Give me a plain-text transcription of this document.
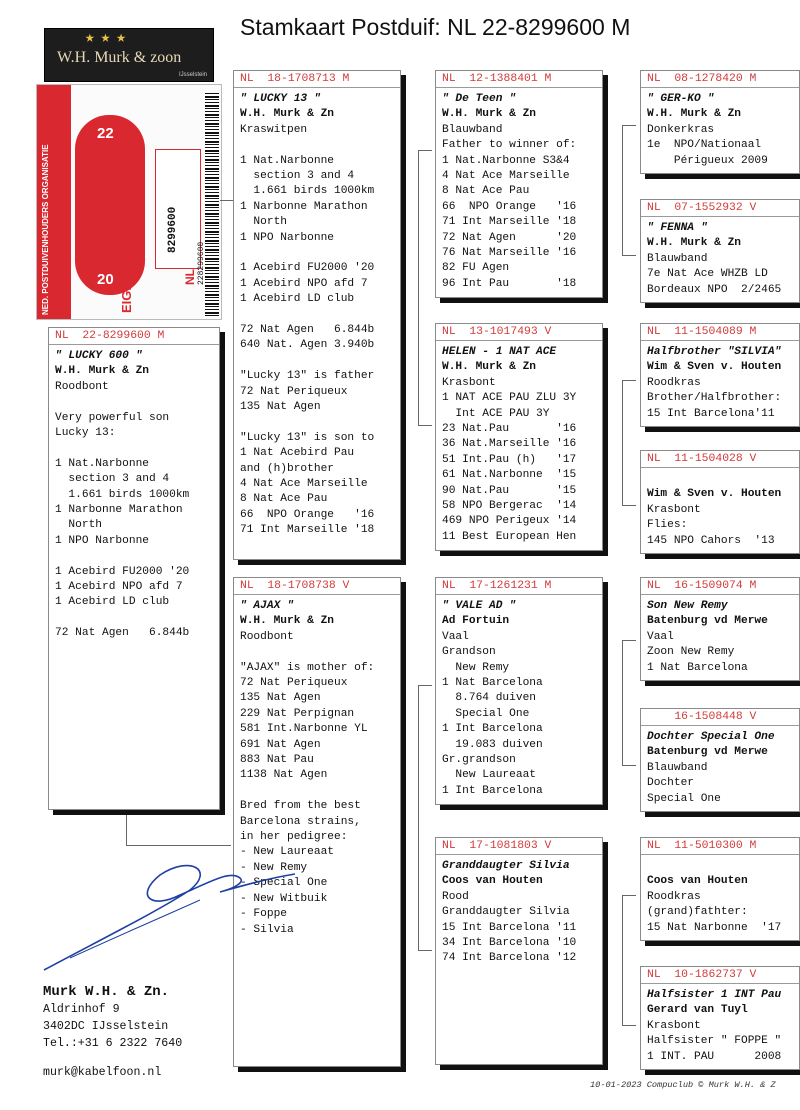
Stamkaart Postduif: NL 22-8299600 M
★★★
W.H. Murk & zoon
IJsselstein
NED. POSTDUIVENHOUDERS ORGANISATIE	20
22 EIGENDOMSBEWIJS v/d RING	8299600
NL 228299600
NL  22-8299600 M
" LUCKY 600 "
W.H. Murk & Zn
Roodbont
Very powerful son
Lucky 13:
1 Nat.Narbonne
section 3 and 4
1.661 birds 1000km
1 Narbonne Marathon
North
1 NPO Narbonne
1 Acebird FU2000 '20
1 Acebird NPO afd 7
1 Acebird LD club
72 Nat Agen   6.844b
NL  18-1708713 M
" LUCKY 13 "
W.H. Murk & Zn
Kraswitpen
1 Nat.Narbonne
section 3 and 4
1.661 birds 1000km
1 Narbonne Marathon
North
1 NPO Narbonne
1 Acebird FU2000 '20
1 Acebird NPO afd 7
1 Acebird LD club
72 Nat Agen   6.844b
640 Nat. Agen 3.940b
"Lucky 13" is father
72 Nat Periqueux
135 Nat Agen
"Lucky 13" is son to
1 Nat Acebird Pau
and (h)brother
4 Nat Ace Marseille
8 Nat Ace Pau
66  NPO Orange   '16
71 Int Marseille '18
NL  18-1708738 V
" AJAX "
W.H. Murk & Zn
Roodbont
"AJAX" is mother of:
72 Nat Periqueux
135 Nat Agen
229 Nat Perpignan
581 Int.Narbonne YL
691 Nat Agen
883 Nat Pau
1138 Nat Agen
Bred from the best
Barcelona strains,
in her pedigree:
- New Laureaat
- New Remy
- Special One
- New Witbuik
- Foppe
- Silvia
NL  12-1388401 M
" De Teen "
W.H. Murk & Zn
Blauwband
Father to winner of:
1 Nat.Narbonne S3&4
4 Nat Ace Marseille
8 Nat Ace Pau
66  NPO Orange   '16
71 Int Marseille '18
72 Nat Agen      '20
76 Nat Marseille '16
82 FU Agen
96 Int Pau       '18
NL  13-1017493 V
HELEN - 1 NAT ACE
W.H. Murk & Zn
Krasbont
1 NAT ACE PAU ZLU 3Y
Int ACE PAU 3Y
23 Nat.Pau       '16
36 Nat.Marseille '16
51 Int.Pau (h)   '17
61 Nat.Narbonne  '15
90 Nat.Pau       '15
58 NPO Bergerac  '14
469 NPO Perigeux '14
11 Best European Hen
NL  17-1261231 M
" VALE AD "
Ad Fortuin
Vaal
Grandson
New Remy
1 Nat Barcelona
8.764 duiven
Special One
1 Int Barcelona
19.083 duiven
Gr.grandson
New Laureaat
1 Int Barcelona
NL  17-1081803 V
Granddaugter Silvia
Coos van Houten
Rood
Granddaugter Silvia
15 Int Barcelona '11
34 Int Barcelona '10
74 Int Barcelona '12
NL  08-1278420 M
" GER-KO "
W.H. Murk & Zn
Donkerkras
1e  NPO/Nationaal
Périgueux 2009
NL  07-1552932 V
" FENNA "
W.H. Murk & Zn
Blauwband
7e Nat Ace WHZB LD
Bordeaux NPO  2/2465
NL  11-1504089 M
Halfbrother "SILVIA"
Wim & Sven v. Houten
Roodkras
Brother/Halfbrother:
15 Int Barcelona'11
NL  11-1504028 V
Wim & Sven v. Houten
Krasbont
Flies:
145 NPO Cahors  '13
NL  16-1509074 M
Son New Remy
Batenburg vd Merwe
Vaal
Zoon New Remy
1 Nat Barcelona
16-1508448 V
Dochter Special One
Batenburg vd Merwe
Blauwband
Dochter
Special One
NL  11-5010300 M
Coos van Houten
Roodkras
(grand)fathter:
15 Nat Narbonne  '17
NL  10-1862737 V
Halfsister 1 INT Pau
Gerard van Tuyl
Krasbont
Halfsister " FOPPE "
1 INT. PAU      2008
Murk W.H. & Zn.
Aldrinhof 9
3402DC IJsselstein
Tel.:+31 6 2322 7640
murk@kabelfoon.nl
10-01-2023 Compuclub © Murk W.H. & Z
